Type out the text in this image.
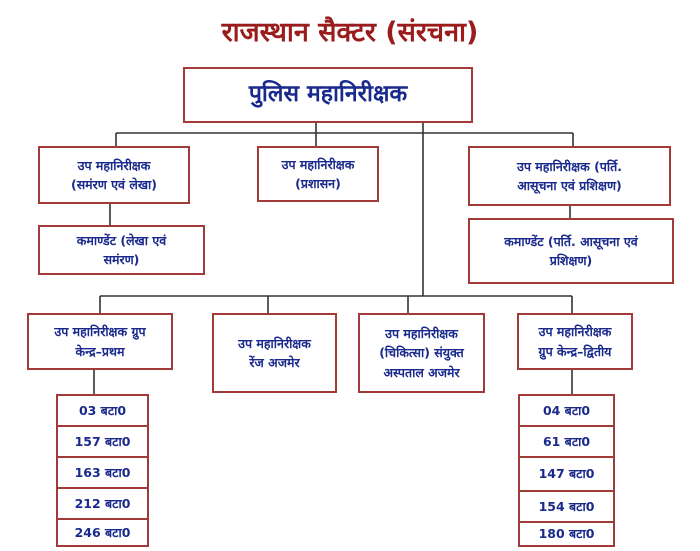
राजस्थान सैक्टर (संरचना)
पुलिस महानिरीक्षक
उप महानिरीक्षक
(समंरण एवं लेखा)
उप महानिरीक्षक
(प्रशासन)
उप महानिरीक्षक (पर्ति.
आसूचना एवं प्रशिक्षण)
कमाण्डेंट (लेखा एवं
समंरण)
कमाण्डेंट (पर्ति. आसूचना एवं
प्रशिक्षण)
उप महानिरीक्षक ग्रुप
केन्द्र–प्रथम
उप महानिरीक्षक
रेंज अजमेर
उप महानिरीक्षक
(चिकित्सा) संयुक्त
अस्पताल अजमेर
उप महानिरीक्षक
ग्रुप केन्द्र–द्वितीय
03 बटा0
157 बटा0
163 बटा0
212 बटा0
246 बटा0
04 बटा0
61 बटा0
147 बटा0
154 बटा0
180 बटा0
